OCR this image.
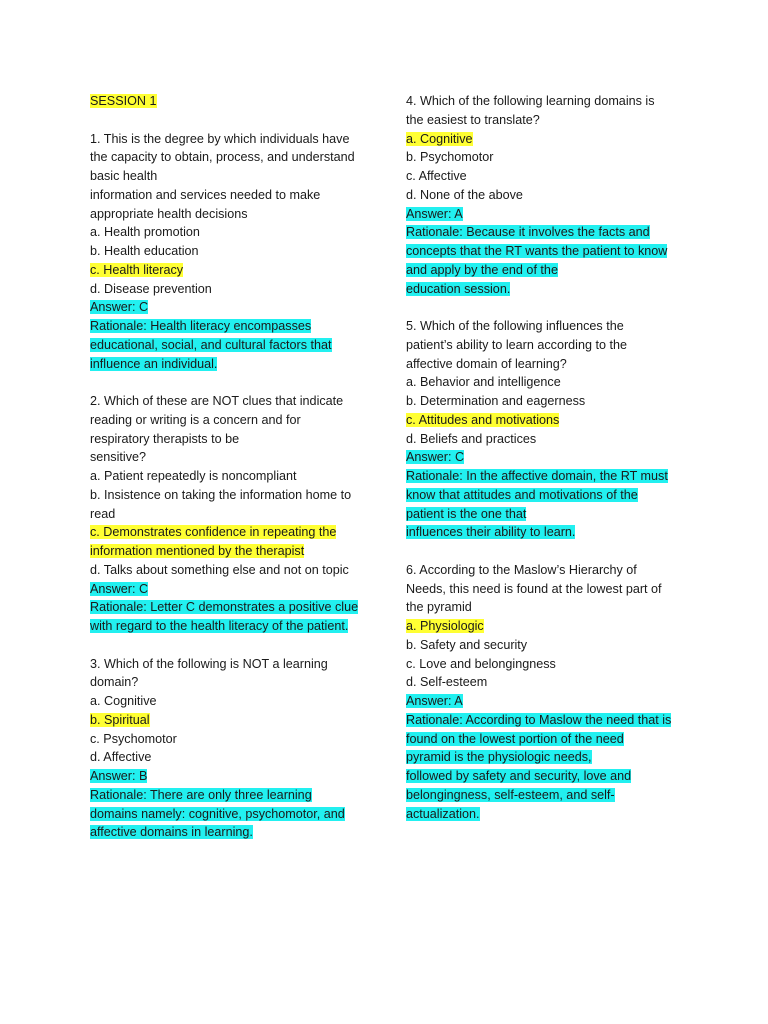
SESSION 1
1. This is the degree by which individuals have
the capacity to obtain, process, and understand
basic health
information and services needed to make
appropriate health decisions
a. Health promotion
b. Health education
c. Health literacy
d. Disease prevention
Answer: C
Rationale: Health literacy encompasses
educational, social, and cultural factors that
influence an individual.
2. Which of these are NOT clues that indicate
reading or writing is a concern and for
respiratory therapists to be
sensitive?
a. Patient repeatedly is noncompliant
b. Insistence on taking the information home to
read
c. Demonstrates confidence in repeating the
information mentioned by the therapist
d. Talks about something else and not on topic
Answer: C
Rationale: Letter C demonstrates a positive clue
with regard to the health literacy of the patient.
3. Which of the following is NOT a learning
domain?
a. Cognitive
b. Spiritual
c. Psychomotor
d. Affective
Answer: B
Rationale: There are only three learning
domains namely: cognitive, psychomotor, and
affective domains in learning.
4. Which of the following learning domains is
the easiest to translate?
a. Cognitive
b. Psychomotor
c. Affective
d. None of the above
Answer: A
Rationale: Because it involves the facts and
concepts that the RT wants the patient to know
and apply by the end of the
education session.
5. Which of the following influences the
patient’s ability to learn according to the
affective domain of learning?
a. Behavior and intelligence
b. Determination and eagerness
c. Attitudes and motivations
d. Beliefs and practices
Answer: C
Rationale: In the affective domain, the RT must
know that attitudes and motivations of the
patient is the one that
influences their ability to learn.
6. According to the Maslow’s Hierarchy of
Needs, this need is found at the lowest part of
the pyramid
a. Physiologic
b. Safety and security
c. Love and belongingness
d. Self-esteem
Answer: A
Rationale: According to Maslow the need that is
found on the lowest portion of the need
pyramid is the physiologic needs,
followed by safety and security, love and
belongingness, self-esteem, and self-
actualization.
